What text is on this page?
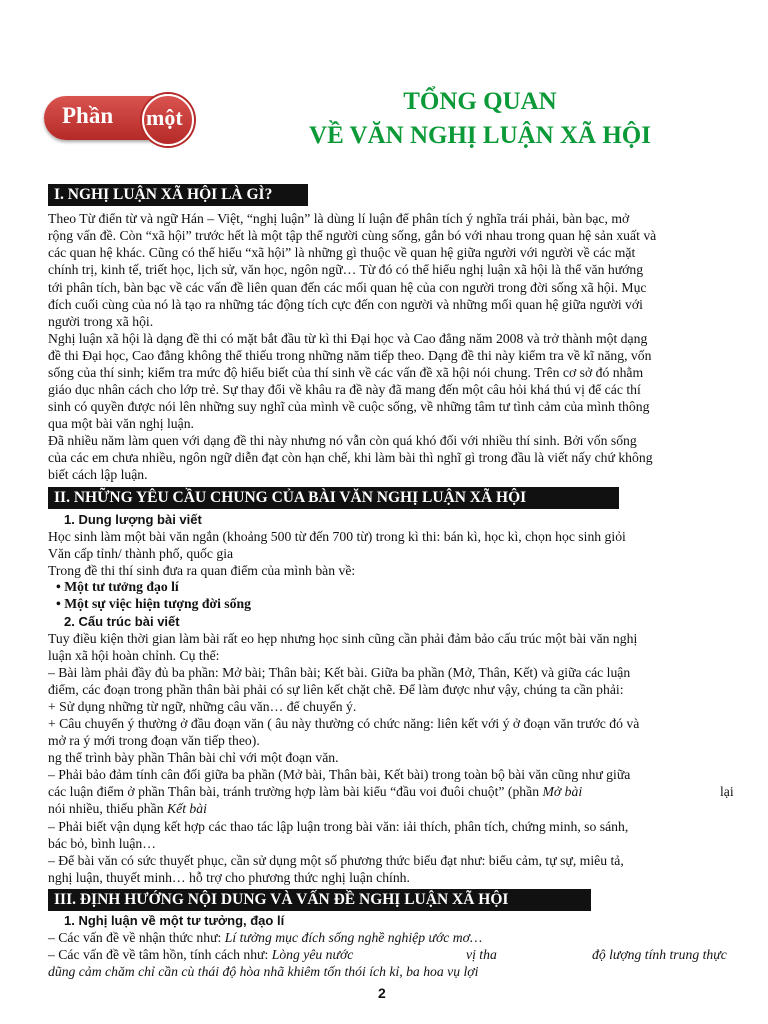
Phần một
TỔNG QUAN
VỀ VĂN NGHỊ LUẬN XÃ HỘI
I. NGHỊ LUẬN XÃ HỘI LÀ GÌ?
Theo Từ điển từ và ngữ Hán – Việt, “nghị luận” là dùng lí luận để phân tích ý nghĩa trái phải, bàn bạc, mở
rộng vấn đề. Còn “xã hội” trước hết là một tập thể người cùng sống, gắn bó với nhau trong quan hệ sản xuất và
các quan hệ khác. Cũng có thể hiểu “xã hội” là những gì thuộc về quan hệ giữa người với người về các mặt
chính trị, kinh tế, triết học, lịch sử, văn học, ngôn ngữ… Từ đó có thể hiểu nghị luận xã hội là thể văn hướng
tới phân tích, bàn bạc về các vấn đề liên quan đến các mối quan hệ của con người trong đời sống xã hội. Mục
đích cuối cùng của nó là tạo ra những tác động tích cực đến con người và những mối quan hệ giữa người với
người trong xã hội.
Nghị luận xã hội là dạng đề thi có mặt bắt đầu từ kì thi Đại học và Cao đẳng năm 2008 và trở thành một dạng
đề thi Đại học, Cao đẳng không thể thiếu trong những năm tiếp theo. Dạng đề thi này kiểm tra về kĩ năng, vốn
sống của thí sinh; kiểm tra mức độ hiểu biết của thí sinh về các vấn đề xã hội nói chung. Trên cơ sở đó nhằm
giáo dục nhân cách cho lớp trẻ. Sự thay đổi về khâu ra đề này đã mang đến một câu hỏi khá thú vị để các thí
sinh có quyền được nói lên những suy nghĩ của mình về cuộc sống, về những tâm tư tình cảm của mình thông
qua một bài văn nghị luận.
Đã nhiều năm làm quen với dạng đề thi này nhưng nó vẫn còn quá khó đối với nhiều thí sinh. Bởi vốn sống
của các em chưa nhiều, ngôn ngữ diễn đạt còn hạn chế, khi làm bài thì nghĩ gì trong đầu là viết nấy chứ không
biết cách lập luận.
II. NHỮNG YÊU CẦU CHUNG CỦA BÀI VĂN NGHỊ LUẬN XÃ HỘI
1. Dung lượng bài viết
Học sinh làm một bài văn ngắn (khoảng 500 từ đến 700 từ) trong kì thi: bán kì, học kì, chọn học sinh giỏi
Văn cấp tỉnh/ thành phố, quốc gia
Trong đề thi thí sinh đưa ra quan điểm của mình bàn về:
• Một tư tưởng đạo lí
• Một sự việc hiện tượng đời sống
2. Cấu trúc bài viết
Tuy điều kiện thời gian làm bài rất eo hẹp nhưng học sinh cũng cần phải đảm bảo cấu trúc một bài văn nghị
luận xã hội hoàn chỉnh. Cụ thể:
– Bài làm phải đầy đủ ba phần: Mở bài; Thân bài; Kết bài. Giữa ba phần (Mở, Thân, Kết) và giữa các luận
điểm, các đoạn trong phần thân bài phải có sự liên kết chặt chẽ. Để làm được như vậy, chúng ta cần phải:
+ Sử dụng những từ ngữ, những câu văn… để chuyển ý.
+ Câu chuyển ý thường ở đầu đoạn văn ( âu này thường có chức năng: liên kết với ý ở đoạn văn trước đó và
mở ra ý mới trong đoạn văn tiếp theo).
ng thể trình bày phần Thân bài chỉ với một đoạn văn.
– Phải bảo đảm tính cân đối giữa ba phần (Mở bài, Thân bài, Kết bài) trong toàn bộ bài văn cũng như giữa
các luận điểm ở phần Thân bài, tránh trường hợp làm bài kiểu “đầu voi đuôi chuột” (phần Mở bài	lại
nói nhiều, thiếu phần Kết bài
– Phải biết vận dụng kết hợp các thao tác lập luận trong bài văn: iải thích, phân tích, chứng minh, so sánh,
bác bỏ, bình luận…
– Để bài văn có sức thuyết phục, cần sử dụng một số phương thức biểu đạt như: biểu cảm, tự sự, miêu tả,
nghị luận, thuyết minh… hỗ trợ cho phương thức nghị luận chính.
III. ĐỊNH HƯỚNG NỘI DUNG VÀ VẤN ĐỀ NGHỊ LUẬN XÃ HỘI
1. Nghị luận về một tư tưởng, đạo lí
– Các vấn đề về nhận thức như: Lí tưởng mục đích sống nghề nghiệp ước mơ…
– Các vấn đề về tâm hồn, tính cách như: Lòng yêu nước	vị tha	độ lượng tính trung thực
dũng cảm chăm chỉ cần cù thái độ hòa nhã khiêm tốn thói ích kỉ, ba hoa vụ lợi
2
